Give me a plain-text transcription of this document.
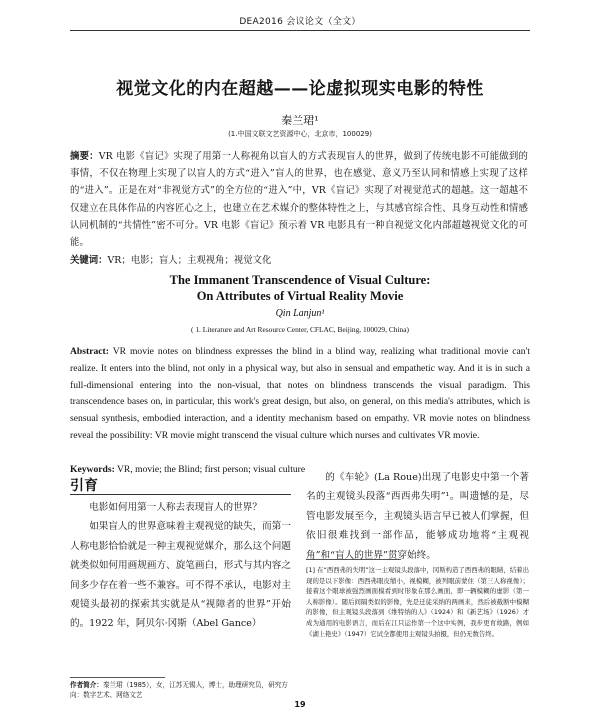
DEA2016 会议论文（全文）
视觉文化的内在超越——论虚拟现实电影的特性
秦兰珺¹
(1.中国文联文艺资源中心，北京市，100029)
摘要：VR 电影《盲记》实现了用第一人称视角以盲人的方式表现盲人的世界，做到了传统电影不可能做到的事情，不仅在物理上实现了以盲人的方式“进入”盲人的世界，也在感觉、意义乃至认同和情感上实现了这样的“进入”。正是在对“非视觉方式”的全方位的“进入”中，VR《盲记》实现了对视觉范式的超越。这一超越不仅建立在具体作品的内容匠心之上，也建立在艺术媒介的整体特性之上，与其感官综合性、具身互动性和情感认同机制的“共情性”密不可分。VR 电影《盲记》预示着 VR 电影具有一种自视觉文化内部超越视觉文化的可能。
关键词：VR；电影；盲人；主观视角；视觉文化
The Immanent Transcendence of Visual Culture:
On Attributes of Virtual Reality Movie
Qin Lanjun¹
( 1. Literature and Art Resource Center, CFLAC, Beijing, 100029, China)
Abstract: VR movie notes on blindness expresses the blind in a blind way, realizing what traditional movie can't realize. It enters into the blind, not only in a physical way, but also in sensual and empathetic way. And it is in such a full-dimensional entering into the non-visual, that notes on blindness transcends the visual paradigm. This transcendence bases on, in particular, this work's great design, but also, on general, on this media's attributes, which is sensual synthesis, embodied interaction, and a identity mechanism based on empathy. VR movie notes on blindness reveal the possibility: VR movie might transcend the visual culture which nurses and cultivates VR movie.
Keywords: VR, movie; the Blind; first person; visual culture
引育

电影如何用第一人称去表现盲人的世界？

如果盲人的世界意味着主观视觉的缺失，而第一人称电影恰恰就是一种主观视觉媒介，那么这个问题就类似如何用画规画方、旋笔画白，形式与其内容之间多少存在着一些不兼容。可不得不承认，电影对主观镜头最初的探索其实就是从“视障者的世界”开始的。1922 年，阿贝尔·冈斯（Abel Gance）

的《车轮》(La Roue)出现了电影史中第一个著名的主观镜头段落“西西弗失明”¹。叫遗憾的是，尽管电影发展至今，主观镜头语言早已被人们掌握，但依旧很难找到一部作品，能够成功地将“主观视角”和“盲人的世界”贯穿始终。

[1] 在“西西弗的失明”这一主观镜头段落中，冈斯构造了西西弗的眼睛，结着出现的是以下影像：西西弗眼皮缩小，视模糊，被列眼前蒙住（第三人称视像）；接着这个眼球被强烈画面模看到时形象在那么画面，即一辆模糊的虚影（第一人称影像）。随后间隔类似的影像，先是迁徒采纳的两画来，然后被截断中模糊的影像，但主观镜头段落到《维特纳的人》（1924）和《新艺场》（1926）才成为通用的电影语言，而后在江只运作第一个这中实例，我步更育故路，例如《湖上艳史》（1947）它试全都使用主观镜头拍摄，但仍无数告终。
作者简介：秦兰珺（1985），女，江苏无锡人，博士，助理研究员，研究方向：数字艺术、网络文艺
19
